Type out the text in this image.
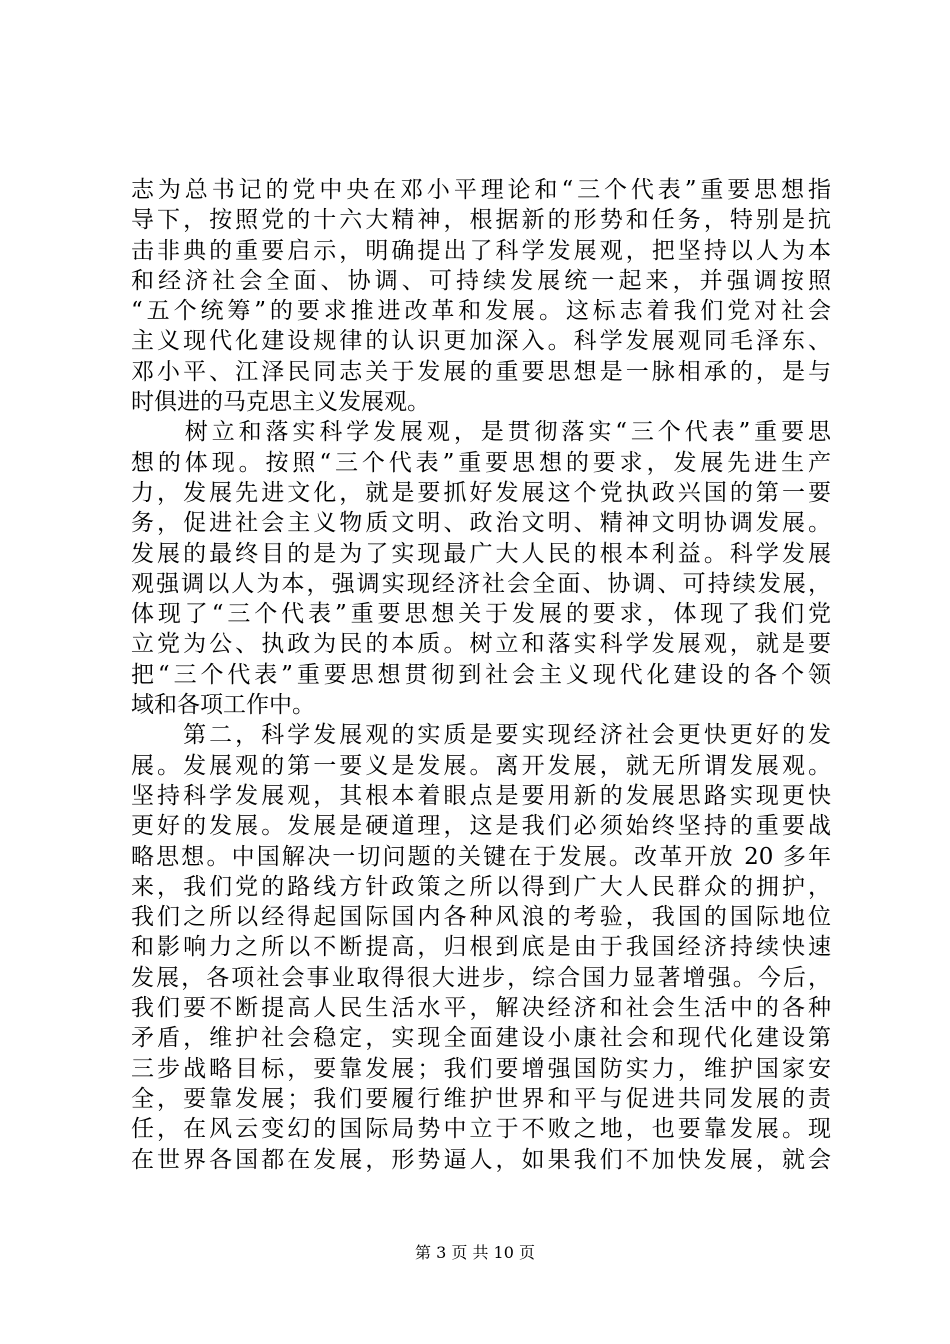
志为总书记的党中央在邓小平理论和“三个代表”重要思想指
导下，按照党的十六大精神，根据新的形势和任务，特别是抗
击非典的重要启示，明确提出了科学发展观，把坚持以人为本
和经济社会全面、协调、可持续发展统一起来，并强调按照
“五个统筹”的要求推进改革和发展。这标志着我们党对社会
主义现代化建设规律的认识更加深入。科学发展观同毛泽东、
邓小平、江泽民同志关于发展的重要思想是一脉相承的，是与
时俱进的马克思主义发展观。
　　树立和落实科学发展观，是贯彻落实“三个代表”重要思
想的体现。按照“三个代表”重要思想的要求，发展先进生产
力，发展先进文化，就是要抓好发展这个党执政兴国的第一要
务，促进社会主义物质文明、政治文明、精神文明协调发展。
发展的最终目的是为了实现最广大人民的根本利益。科学发展
观强调以人为本，强调实现经济社会全面、协调、可持续发展，
体现了“三个代表”重要思想关于发展的要求，体现了我们党
立党为公、执政为民的本质。树立和落实科学发展观，就是要
把“三个代表”重要思想贯彻到社会主义现代化建设的各个领
域和各项工作中。
　　第二，科学发展观的实质是要实现经济社会更快更好的发
展。发展观的第一要义是发展。离开发展，就无所谓发展观。
坚持科学发展观，其根本着眼点是要用新的发展思路实现更快
更好的发展。发展是硬道理，这是我们必须始终坚持的重要战
略思想。中国解决一切问题的关键在于发展。改革开放 20 多年
来，我们党的路线方针政策之所以得到广大人民群众的拥护，
我们之所以经得起国际国内各种风浪的考验，我国的国际地位
和影响力之所以不断提高，归根到底是由于我国经济持续快速
发展，各项社会事业取得很大进步，综合国力显著增强。今后，
我们要不断提高人民生活水平，解决经济和社会生活中的各种
矛盾，维护社会稳定，实现全面建设小康社会和现代化建设第
三步战略目标，要靠发展；我们要增强国防实力，维护国家安
全，要靠发展；我们要履行维护世界和平与促进共同发展的责
任，在风云变幻的国际局势中立于不败之地，也要靠发展。现
在世界各国都在发展，形势逼人，如果我们不加快发展，就会
第 3 页 共 10 页
